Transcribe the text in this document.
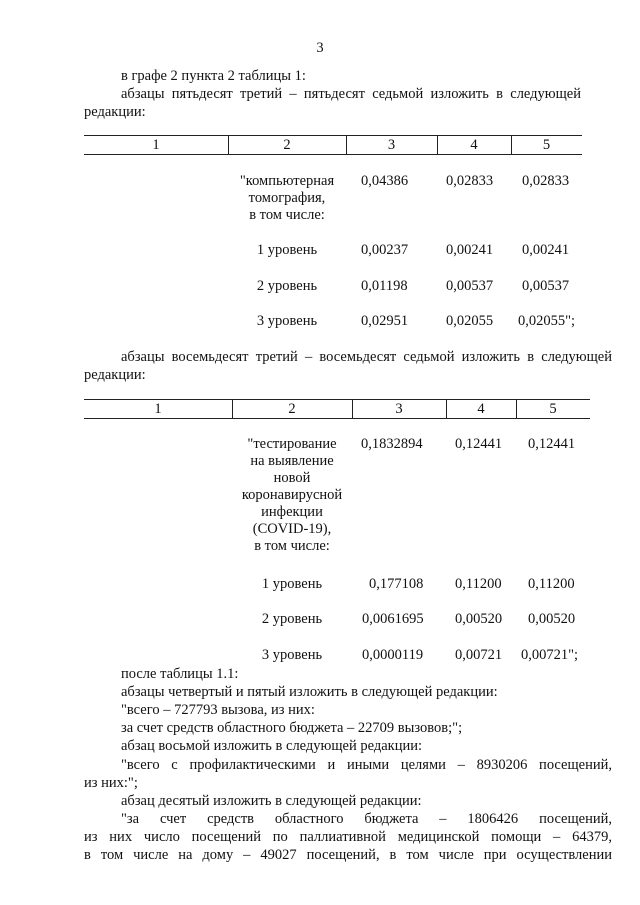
3
в графе 2 пункта 2 таблицы 1:
абзацы пятьдесят третий – пятьдесят седьмой изложить в следующей
редакции:
1	2	3	4	5
"компьютерная
томография,
в том числе:
0,04386	0,02833 0,02833
1 уровень	0,00237	0,00241 0,00241
2 уровень	0,01198	0,00537 0,00537
3 уровень	0,02951	0,02055 0,02055";
абзацы восемьдесят третий – восемьдесят седьмой изложить в следующей
редакции:
1	2	3	4	5
"тестирование
на выявление
новой
коронавирусной
инфекции
(COVID-19),
в том числе:
0,1832894 0,12441 0,12441
1 уровень	0,177108 0,11200 0,11200
2 уровень	0,0061695 0,00520 0,00520
3 уровень	0,0000119 0,00721 0,00721";
после таблицы 1.1:
абзацы четвертый и пятый изложить в следующей редакции:
"всего – 727793 вызова, из них:
за счет средств областного бюджета – 22709 вызовов;";
абзац восьмой изложить в следующей редакции:
"всего с профилактическими и иными целями – 8930206 посещений,
из них:";
абзац десятый изложить в следующей редакции:
"за счет средств областного бюджета – 1806426 посещений,
из них число посещений по паллиативной медицинской помощи – 64379,
в том числе на дому – 49027 посещений, в том числе при осуществлении
